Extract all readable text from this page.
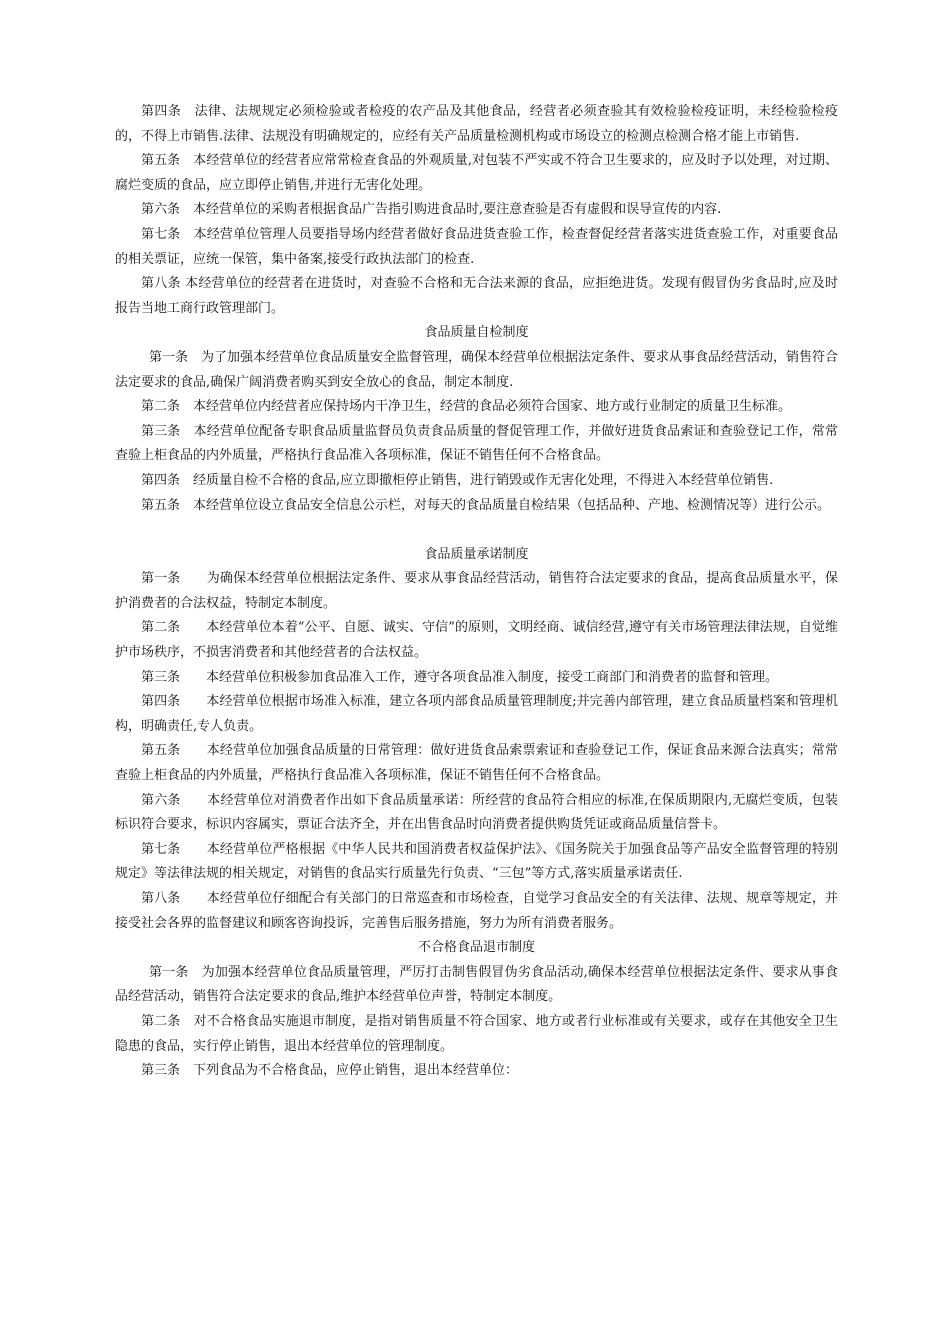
第四条　法律、法规规定必须检验或者检疫的农产品及其他食品，经营者必须查验其有效检验检疫证明，未经检验检疫的，不得上市销售.法律、法规没有明确规定的，应经有关产品质量检测机构或市场设立的检测点检测合格才能上市销售.

第五条　本经营单位的经营者应常常检查食品的外观质量,对包装不严实或不符合卫生要求的，应及时予以处理，对过期、腐烂变质的食品，应立即停止销售,并进行无害化处理。

第六条　本经营单位的采购者根据食品广告指引购进食品时,要注意查验是否有虚假和误导宣传的内容.

第七条　本经营单位管理人员要指导场内经营者做好食品进货查验工作，检查督促经营者落实进货查验工作，对重要食品的相关票证，应统一保管，集中备案,接受行政执法部门的检查.

第八条 本经营单位的经营者在进货时，对查验不合格和无合法来源的食品，应拒绝进货。发现有假冒伪劣食品时,应及时报告当地工商行政管理部门。

食品质量自检制度

第一条　为了加强本经营单位食品质量安全监督管理，确保本经营单位根据法定条件、要求从事食品经营活动，销售符合法定要求的食品,确保广阔消费者购买到安全放心的食品，制定本制度.

第二条　本经营单位内经营者应保持场内干净卫生，经营的食品必须符合国家、地方或行业制定的质量卫生标准。

第三条　本经营单位配备专职食品质量监督员负责食品质量的督促管理工作，并做好进货食品索证和查验登记工作，常常查验上柜食品的内外质量，严格执行食品准入各项标准，保证不销售任何不合格食品。

第四条　经质量自检不合格的食品,应立即撤柜停止销售，进行销毁或作无害化处理，不得进入本经营单位销售.

第五条　本经营单位设立食品安全信息公示栏，对每天的食品质量自检结果（包括品种、产地、检测情况等）进行公示。

食品质量承诺制度

第一条　　为确保本经营单位根据法定条件、要求从事食品经营活动，销售符合法定要求的食品，提高食品质量水平，保护消费者的合法权益，特制定本制度。

第二条　　本经营单位本着“公平、自愿、诚实、守信”的原则，文明经商、诚信经营,遵守有关市场管理法律法规，自觉维护市场秩序，不损害消费者和其他经营者的合法权益。

第三条　　本经营单位积极参加食品准入工作，遵守各项食品准入制度，接受工商部门和消费者的监督和管理。

第四条　　本经营单位根据市场准入标准，建立各项内部食品质量管理制度;并完善内部管理，建立食品质量档案和管理机构，明确责任,专人负责。

第五条　　本经营单位加强食品质量的日常管理：做好进货食品索票索证和查验登记工作，保证食品来源合法真实；常常查验上柜食品的内外质量，严格执行食品准入各项标准，保证不销售任何不合格食品。

第六条　　本经营单位对消费者作出如下食品质量承诺：所经营的食品符合相应的标准,在保质期限内,无腐烂变质，包装标识符合要求，标识内容属实，票证合法齐全，并在出售食品时向消费者提供购货凭证或商品质量信誉卡。

第七条　　本经营单位严格根据《中华人民共和国消费者权益保护法》、《国务院关于加强食品等产品安全监督管理的特别规定》等法律法规的相关规定，对销售的食品实行质量先行负责、“三包”等方式,落实质量承诺责任.

第八条　　本经营单位仔细配合有关部门的日常巡查和市场检查，自觉学习食品安全的有关法律、法规、规章等规定，并接受社会各界的监督建议和顾客咨询投诉，完善售后服务措施，努力为所有消费者服务。

不合格食品退市制度

第一条　为加强本经营单位食品质量管理，严厉打击制售假冒伪劣食品活动,确保本经营单位根据法定条件、要求从事食品经营活动，销售符合法定要求的食品,维护本经营单位声誉，特制定本制度。

第二条　对不合格食品实施退市制度，是指对销售质量不符合国家、地方或者行业标准或有关要求，或存在其他安全卫生隐患的食品，实行停止销售，退出本经营单位的管理制度。

第三条　下列食品为不合格食品，应停止销售，退出本经营单位：
